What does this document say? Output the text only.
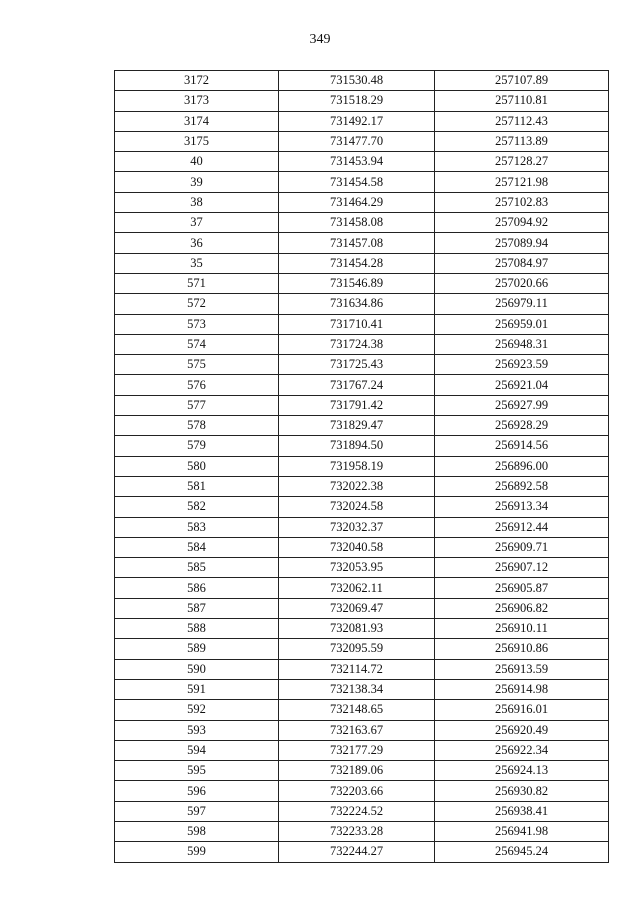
349
3172	731530.48	257107.89
3173	731518.29	257110.81
3174	731492.17	257112.43
3175	731477.70	257113.89
40	731453.94	257128.27
39	731454.58	257121.98
38	731464.29	257102.83
37	731458.08	257094.92
36	731457.08	257089.94
35	731454.28	257084.97
571	731546.89	257020.66
572	731634.86	256979.11
573	731710.41	256959.01
574	731724.38	256948.31
575	731725.43	256923.59
576	731767.24	256921.04
577	731791.42	256927.99
578	731829.47	256928.29
579	731894.50	256914.56
580	731958.19	256896.00
581	732022.38	256892.58
582	732024.58	256913.34
583	732032.37	256912.44
584	732040.58	256909.71
585	732053.95	256907.12
586	732062.11	256905.87
587	732069.47	256906.82
588	732081.93	256910.11
589	732095.59	256910.86
590	732114.72	256913.59
591	732138.34	256914.98
592	732148.65	256916.01
593	732163.67	256920.49
594	732177.29	256922.34
595	732189.06	256924.13
596	732203.66	256930.82
597	732224.52	256938.41
598	732233.28	256941.98
599	732244.27	256945.24
